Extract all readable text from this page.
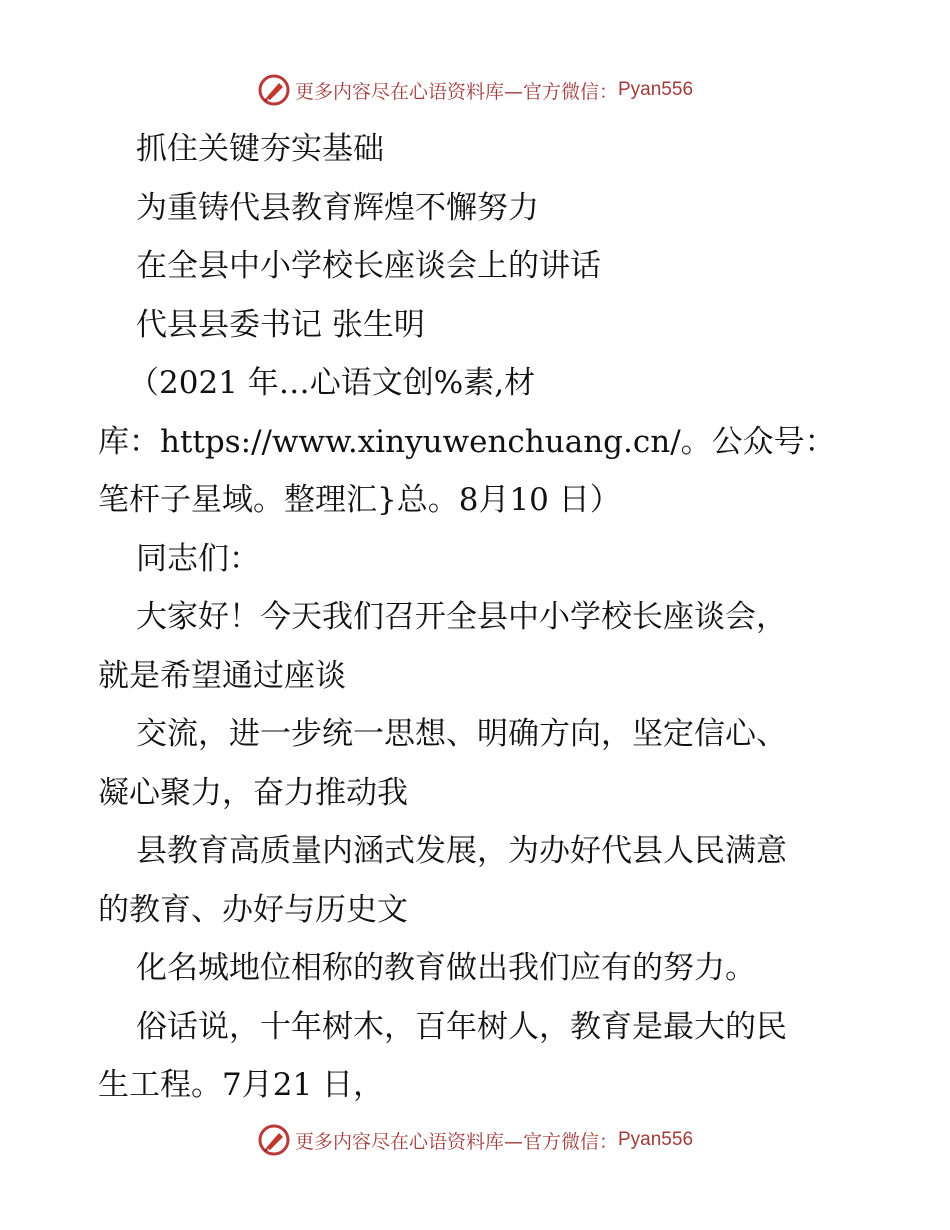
更多内容尽在心语资料库—官方微信： Pyan556
抓住关键夯实基础
为重铸代县教育辉煌不懈努力
在全县中小学校长座谈会上的讲话
代县县委书记 张生明
（2021 年…心语文创%素,材
库：https://www.xinyuwenchuang.cn/。公众号：
笔杆子星域。整理汇}总。8月10 日）
同志们：
大家好！今天我们召开全县中小学校长座谈会，
就是希望通过座谈
交流，进一步统一思想、明确方向，坚定信心、
凝心聚力，奋力推动我
县教育高质量内涵式发展，为办好代县人民满意
的教育、办好与历史文
化名城地位相称的教育做出我们应有的努力。
俗话说，十年树木，百年树人，教育是最大的民
生工程。7月21 日，
更多内容尽在心语资料库—官方微信： Pyan556
